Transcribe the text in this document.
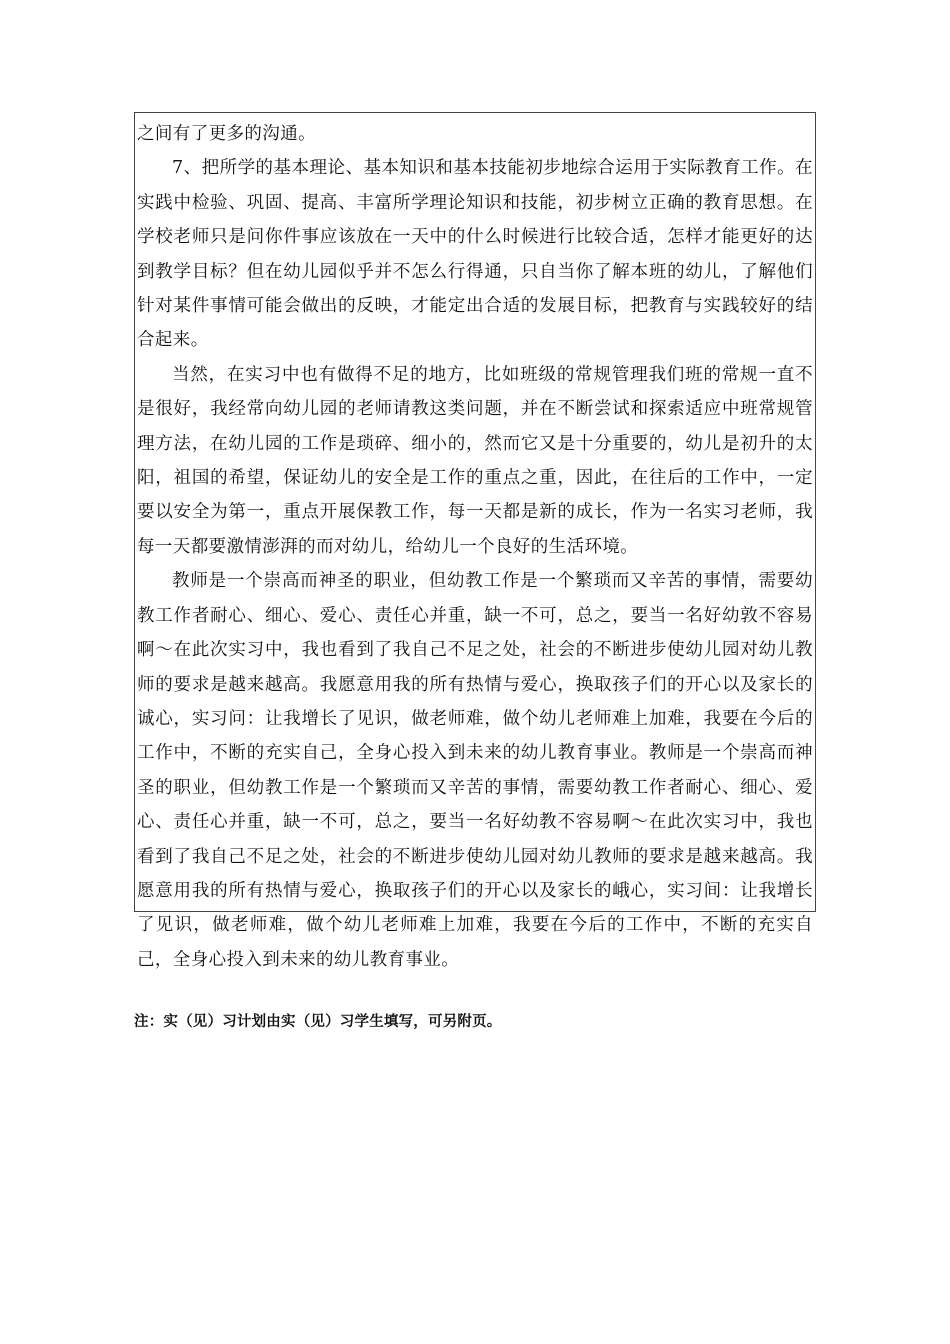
之间有了更多的沟通。

7、把所学的基本理论、基本知识和基本技能初步地综合运用于实际教育工作。在实践中检验、巩固、提高、丰富所学理论知识和技能，初步树立正确的教育思想。在学校老师只是问你件事应该放在一天中的什么时候进行比较合适，怎样才能更好的达到教学目标？但在幼儿园似乎并不怎么行得通，只自当你了解本班的幼儿，了解他们针对某件事情可能会做出的反映，才能定出合适的发展目标，把教育与实践较好的结合起来。

当然，在实习中也有做得不足的地方，比如班级的常规管理我们班的常规一直不是很好，我经常向幼儿园的老师请教这类问题，并在不断尝试和探索适应中班常规管理方法，在幼儿园的工作是琐碎、细小的，然而它又是十分重要的，幼儿是初升的太阳，祖国的希望，保证幼儿的安全是工作的重点之重，因此，在往后的工作中，一定要以安全为第一，重点开展保教工作，每一天都是新的成长，作为一名实习老师，我每一天都要激情澎湃的而对幼儿，给幼儿一个良好的生活环境。

教师是一个崇高而神圣的职业，但幼教工作是一个繁琐而又辛苦的事情，需要幼教工作者耐心、细心、爱心、责任心并重，缺一不可，总之，要当一名好幼敦不容易啊〜在此次实习中，我也看到了我自己不足之处，社会的不断进步使幼儿园对幼儿教师的要求是越来越高。我愿意用我的所有热情与爱心，换取孩子们的开心以及家长的诚心，实习问：让我增长了见识，做老师难，做个幼儿老师难上加难，我要在今后的工作中，不断的充实自己，全身心投入到未来的幼儿教育事业。教师是一个崇高而神圣的职业，但幼教工作是一个繁琐而又辛苦的事情，需要幼教工作者耐心、细心、爱心、责任心并重，缺一不可，总之，要当一名好幼教不容易啊〜在此次实习中，我也看到了我自己不足之处，社会的不断进步使幼儿园对幼儿教师的要求是越来越高。我愿意用我的所有热情与爱心，换取孩子们的开心以及家长的峨心，实习间：让我增长了见识，做老师难，做个幼儿老师难上加难，我要在今后的工作中，不断的充实自己，全身心投入到未来的幼儿教育事业。

注：实（见）习计划由实（见）习学生填写，可另附页。
